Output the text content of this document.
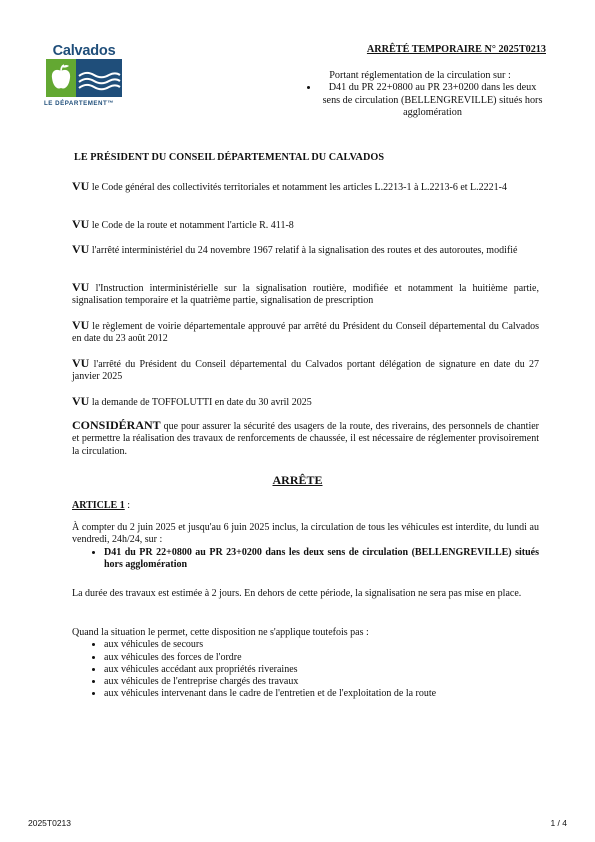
Calvados
LE DÉPARTEMENT™
ARRÊTÉ TEMPORAIRE N° 2025T0213
Portant réglementation de la circulation sur :
• D41 du PR 22+0800 au PR 23+0200 dans les deux sens de circulation (BELLENGREVILLE) situés hors agglomération
LE PRÉSIDENT DU CONSEIL DÉPARTEMENTAL DU CALVADOS
VU le Code général des collectivités territoriales et notamment les articles L.2213-1 à L.2213-6 et L.2221-4
VU le Code de la route et notamment l'article R. 411-8
VU l'arrêté interministériel du 24 novembre 1967 relatif à la signalisation des routes et des autoroutes, modifié
VU l'Instruction interministérielle sur la signalisation routière, modifiée et notamment la huitième partie, signalisation temporaire et la quatrième partie, signalisation de prescription
VU le règlement de voirie départementale approuvé par arrêté du Président du Conseil départemental du Calvados en date du 23 août 2012
VU l'arrêté du Président du Conseil départemental du Calvados portant délégation de signature en date du 27 janvier 2025
VU la demande de TOFFOLUTTI en date du 30 avril 2025
CONSIDÉRANT que pour assurer la sécurité des usagers de la route, des riverains, des personnels de chantier et permettre la réalisation des travaux de renforcements de chaussée, il est nécessaire de réglementer provisoirement la circulation.
ARRÊTE
ARTICLE 1 :
À compter du 2 juin 2025 et jusqu'au 6 juin 2025 inclus, la circulation de tous les véhicules est interdite, du lundi au vendredi, 24h/24, sur :
• D41 du PR 22+0800 au PR 23+0200 dans les deux sens de circulation (BELLENGREVILLE) situés hors agglomération
La durée des travaux est estimée à 2 jours. En dehors de cette période, la signalisation ne sera pas mise en place.
Quand la situation le permet, cette disposition ne s'applique toutefois pas :
• aux véhicules de secours
• aux véhicules des forces de l'ordre
• aux véhicules accédant aux propriétés riveraines
• aux véhicules de l'entreprise chargés des travaux
• aux véhicules intervenant dans le cadre de l'entretien et de l'exploitation de la route
2025T0213	1 / 4
